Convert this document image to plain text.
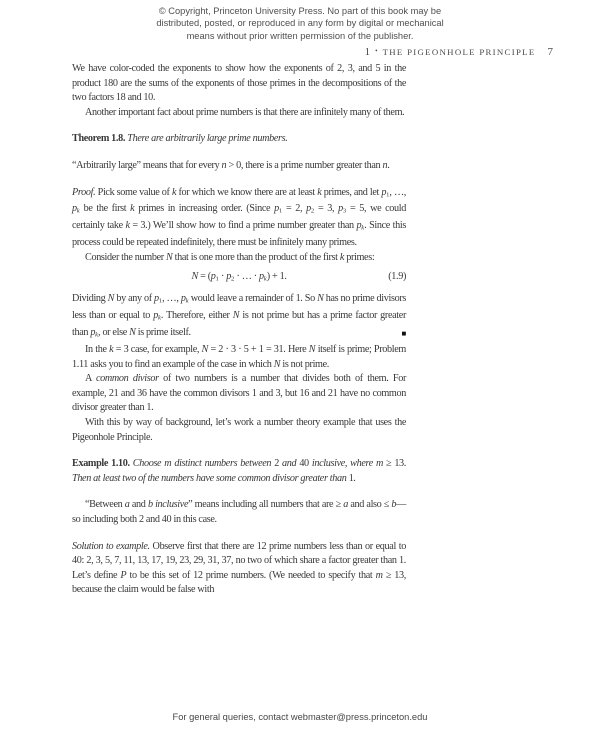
© Copyright, Princeton University Press. No part of this book may be
distributed, posted, or reproduced in any form by digital or mechanical
means without prior written permission of the publisher.
1 • THE PIGEONHOLE PRINCIPLE 7

We have color-coded the exponents to show how the exponents of 2, 3, and 5 in the product 180 are the sums of the exponents of those primes in the decompositions of the two factors 18 and 10.

Another important fact about prime numbers is that there are infinitely many of them.

Theorem 1.8. There are arbitrarily large prime numbers.

“Arbitrarily large” means that for every n > 0, there is a prime number greater than n.

Proof. Pick some value of k for which we know there are at least k primes, and let $p_1$, …, $p_k$ be the first k primes in increasing order. (Since $p_1 = 2$, $p_2 = 3$, $p_3 = 5$, we could certainly take k = 3.) We’ll show how to find a prime number greater than $p_k$. Since this process could be repeated indefinitely, there must be infinitely many primes.

Consider the number N that is one more than the product of the first k primes:

$N = (p_1 \cdot p_2$ · … · $p_k) + 1$.	(1.9)

Dividing N by any of $p_1$, …, $p_k$ would leave a remainder of 1. So N has no prime divisors less than or equal to $p_k$. Therefore, either N is not prime but has a prime factor greater than $p_k$, or else N is prime itself.	■

In the k = 3 case, for example, N = 2 · 3 · 5 + 1 = 31. Here N itself is prime; Problem 1.11 asks you to find an example of the case in which N is not prime.

A common divisor of two numbers is a number that divides both of them. For example, 21 and 36 have the common divisors 1 and 3, but 16 and 21 have no common divisor greater than 1.

With this by way of background, let’s work a number theory example that uses the Pigeonhole Principle.

Example 1.10. Choose m distinct numbers between 2 and 40 inclusive, where m ≥ 13. Then at least two of the numbers have some common divisor greater than 1.

“Between a and b inclusive” means including all numbers that are ≥ a and also ≤ b—so including both 2 and 40 in this case.

Solution to example. Observe first that there are 12 prime numbers less than or equal to 40: 2, 3, 5, 7, 11, 13, 17, 19, 23, 29, 31, 37, no two of which share a factor greater than 1. Let’s define P to be this set of 12 prime numbers. (We needed to specify that m ≥ 13, because the claim would be false with

For general queries, contact webmaster@press.princeton.edu
